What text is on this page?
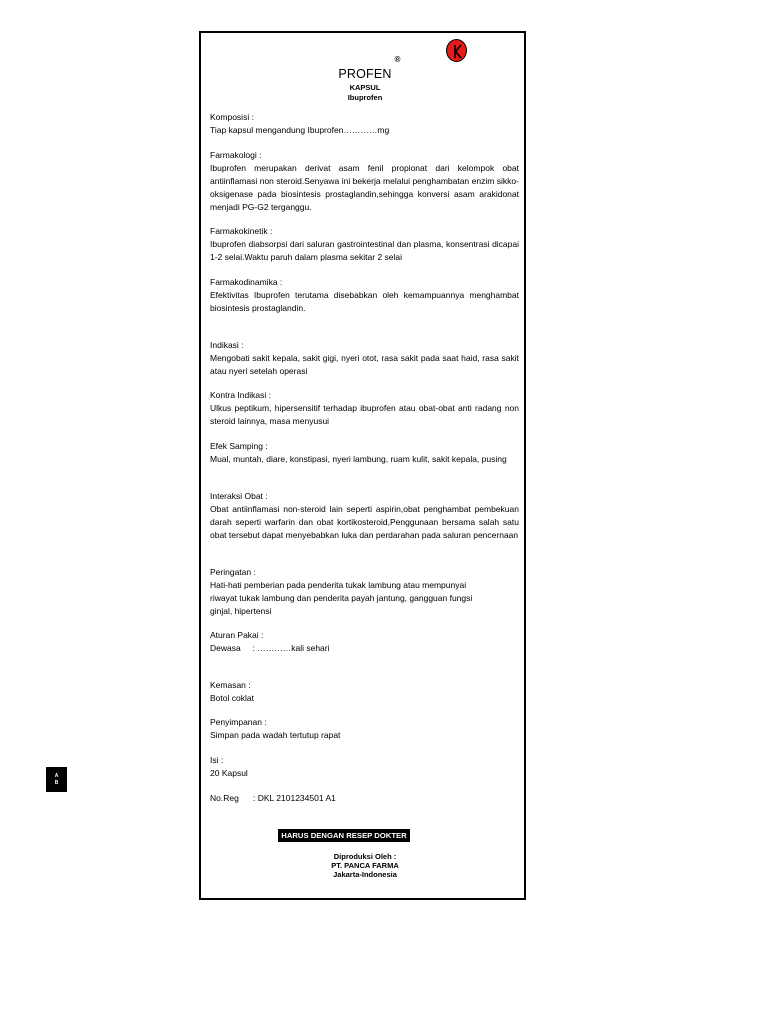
®
PROFEN
KAPSUL
Ibuprofen
Komposisi :
Tiap kapsul mengandung Ibuprofen…………mg
Farmakologi :
Ibuprofen merupakan derivat asam fenil propionat dari kelompok obat antiinflamasi non steroid.Senyawa ini bekerja melalui penghambatan enzim sikko-oksigenase pada biosintesis prostaglandin,sehingga konversi asam arakidonat menjadi PG-G2 terganggu.
Farmakokinetik :
Ibuprofen diabsorpsi dari saluran gastrointestinal dan plasma, konsentrasi dicapai 1-2 selai.Waktu paruh dalam plasma sekitar 2 selai
Farmakodinamika :
Efektivitas Ibuprofen terutama disebabkan oleh kemampuannya menghambat biosintesis prostaglandin.
Indikasi :
Mengobati sakit kepala, sakit gigi, nyeri otot, rasa sakit pada saat haid, rasa sakit atau nyeri setelah operasi
Kontra Indikasi :
Ulkus peptikum, hipersensitif terhadap ibuprofen atau obat-obat anti radang non steroid lainnya, masa menyusui
Efek Samping :
Mual, muntah, diare, konstipasi, nyeri lambung, ruam kulit, sakit kepala, pusing
Interaksi Obat :
Obat antiinflamasi non-steroid lain seperti aspirin,obat penghambat pembekuan darah seperti warfarin dan obat kortikosteroid,Penggunaan bersama salah satu obat tersebut dapat menyebabkan luka dan perdarahan pada saluran pencernaan
Peringatan :
Hati-hati pemberian pada penderita tukak lambung atau mempunyai
riwayat tukak lambung dan penderita payah jantung, gangguan fungsi
ginjal, hipertensi
Aturan Pakai :
Dewasa     : …………kali sehari
Kemasan :
Botol coklat
Penyimpanan :
Simpan pada wadah tertutup rapat
Isi :
20 Kapsul
No.Reg      : DKL 2101234501 A1
HARUS DENGAN RESEP DOKTER
Diproduksi Oleh :
PT. PANCA FARMA
Jakarta-Indonesia
A
B
